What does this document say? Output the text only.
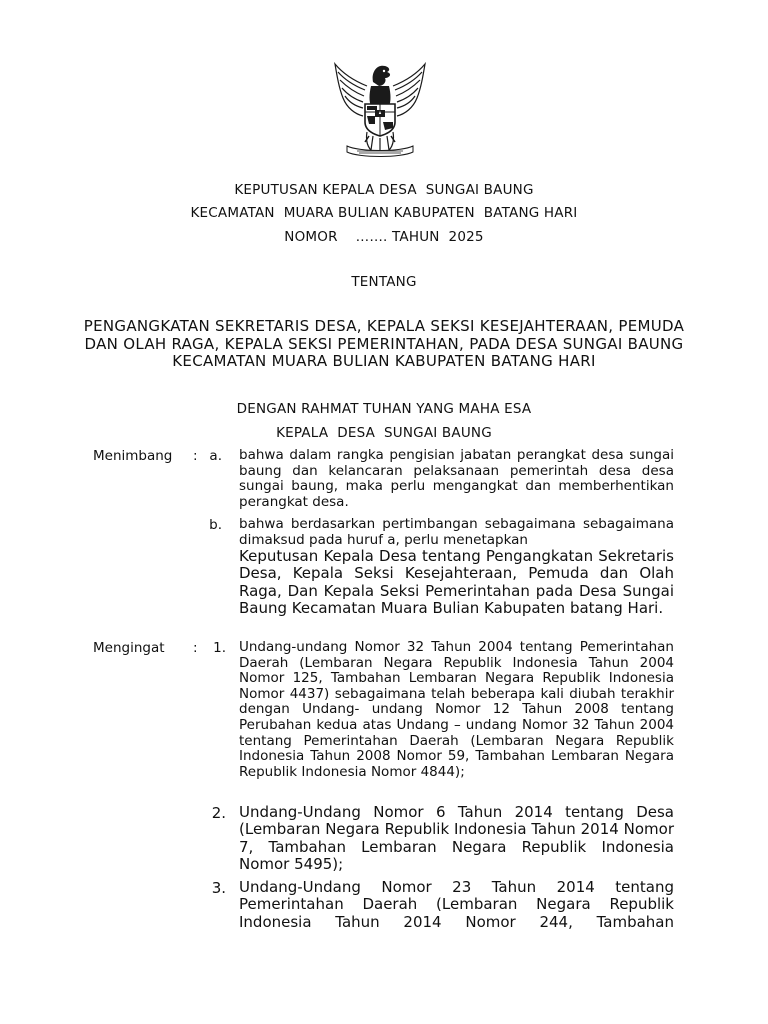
KEPUTUSAN KEPALA DESA  SUNGAI BAUNG
KECAMATAN  MUARA BULIAN KABUPATEN  BATANG HARI
NOMOR    ……. TAHUN  2025
TENTANG
PENGANGKATAN SEKRETARIS DESA, KEPALA SEKSI KESEJAHTERAAN, PEMUDA DAN OLAH RAGA, KEPALA SEKSI PEMERINTAHAN, PADA DESA SUNGAI BAUNG KECAMATAN MUARA BULIAN KABUPATEN BATANG HARI
DENGAN RAHMAT TUHAN YANG MAHA ESA
KEPALA  DESA  SUNGAI BAUNG
Menimbang : a. bahwa dalam rangka pengisian jabatan perangkat desa sungai baung dan kelancaran pelaksanaan pemerintah desa desa sungai baung, maka perlu mengangkat dan memberhentikan perangkat desa.
b. bahwa berdasarkan pertimbangan sebagaimana sebagaimana dimaksud pada huruf a, perlu menetapkan
Keputusan Kepala Desa tentang Pengangkatan Sekretaris Desa, Kepala Seksi Kesejahteraan, Pemuda dan Olah Raga, Dan Kepala Seksi Pemerintahan pada Desa Sungai Baung Kecamatan Muara Bulian Kabupaten batang Hari.
Mengingat :	1. Undang-undang Nomor 32 Tahun 2004 tentang Pemerintahan Daerah (Lembaran Negara Republik Indonesia Tahun 2004 Nomor 125, Tambahan Lembaran Negara Republik Indonesia Nomor 4437) sebagaimana telah beberapa kali diubah terakhir dengan Undang- undang Nomor 12 Tahun 2008 tentang Perubahan kedua atas Undang – undang Nomor 32 Tahun 2004 tentang Pemerintahan Daerah (Lembaran Negara Republik Indonesia Tahun 2008 Nomor 59, Tambahan Lembaran Negara Republik Indonesia Nomor 4844);
2. Undang-Undang Nomor 6 Tahun 2014 tentang Desa (Lembaran Negara Republik Indonesia Tahun 2014 Nomor 7, Tambahan Lembaran Negara Republik Indonesia Nomor 5495);
3. Undang-Undang Nomor 23 Tahun 2014 tentang Pemerintahan Daerah (Lembaran Negara Republik Indonesia Tahun 2014 Nomor 244, Tambahan
